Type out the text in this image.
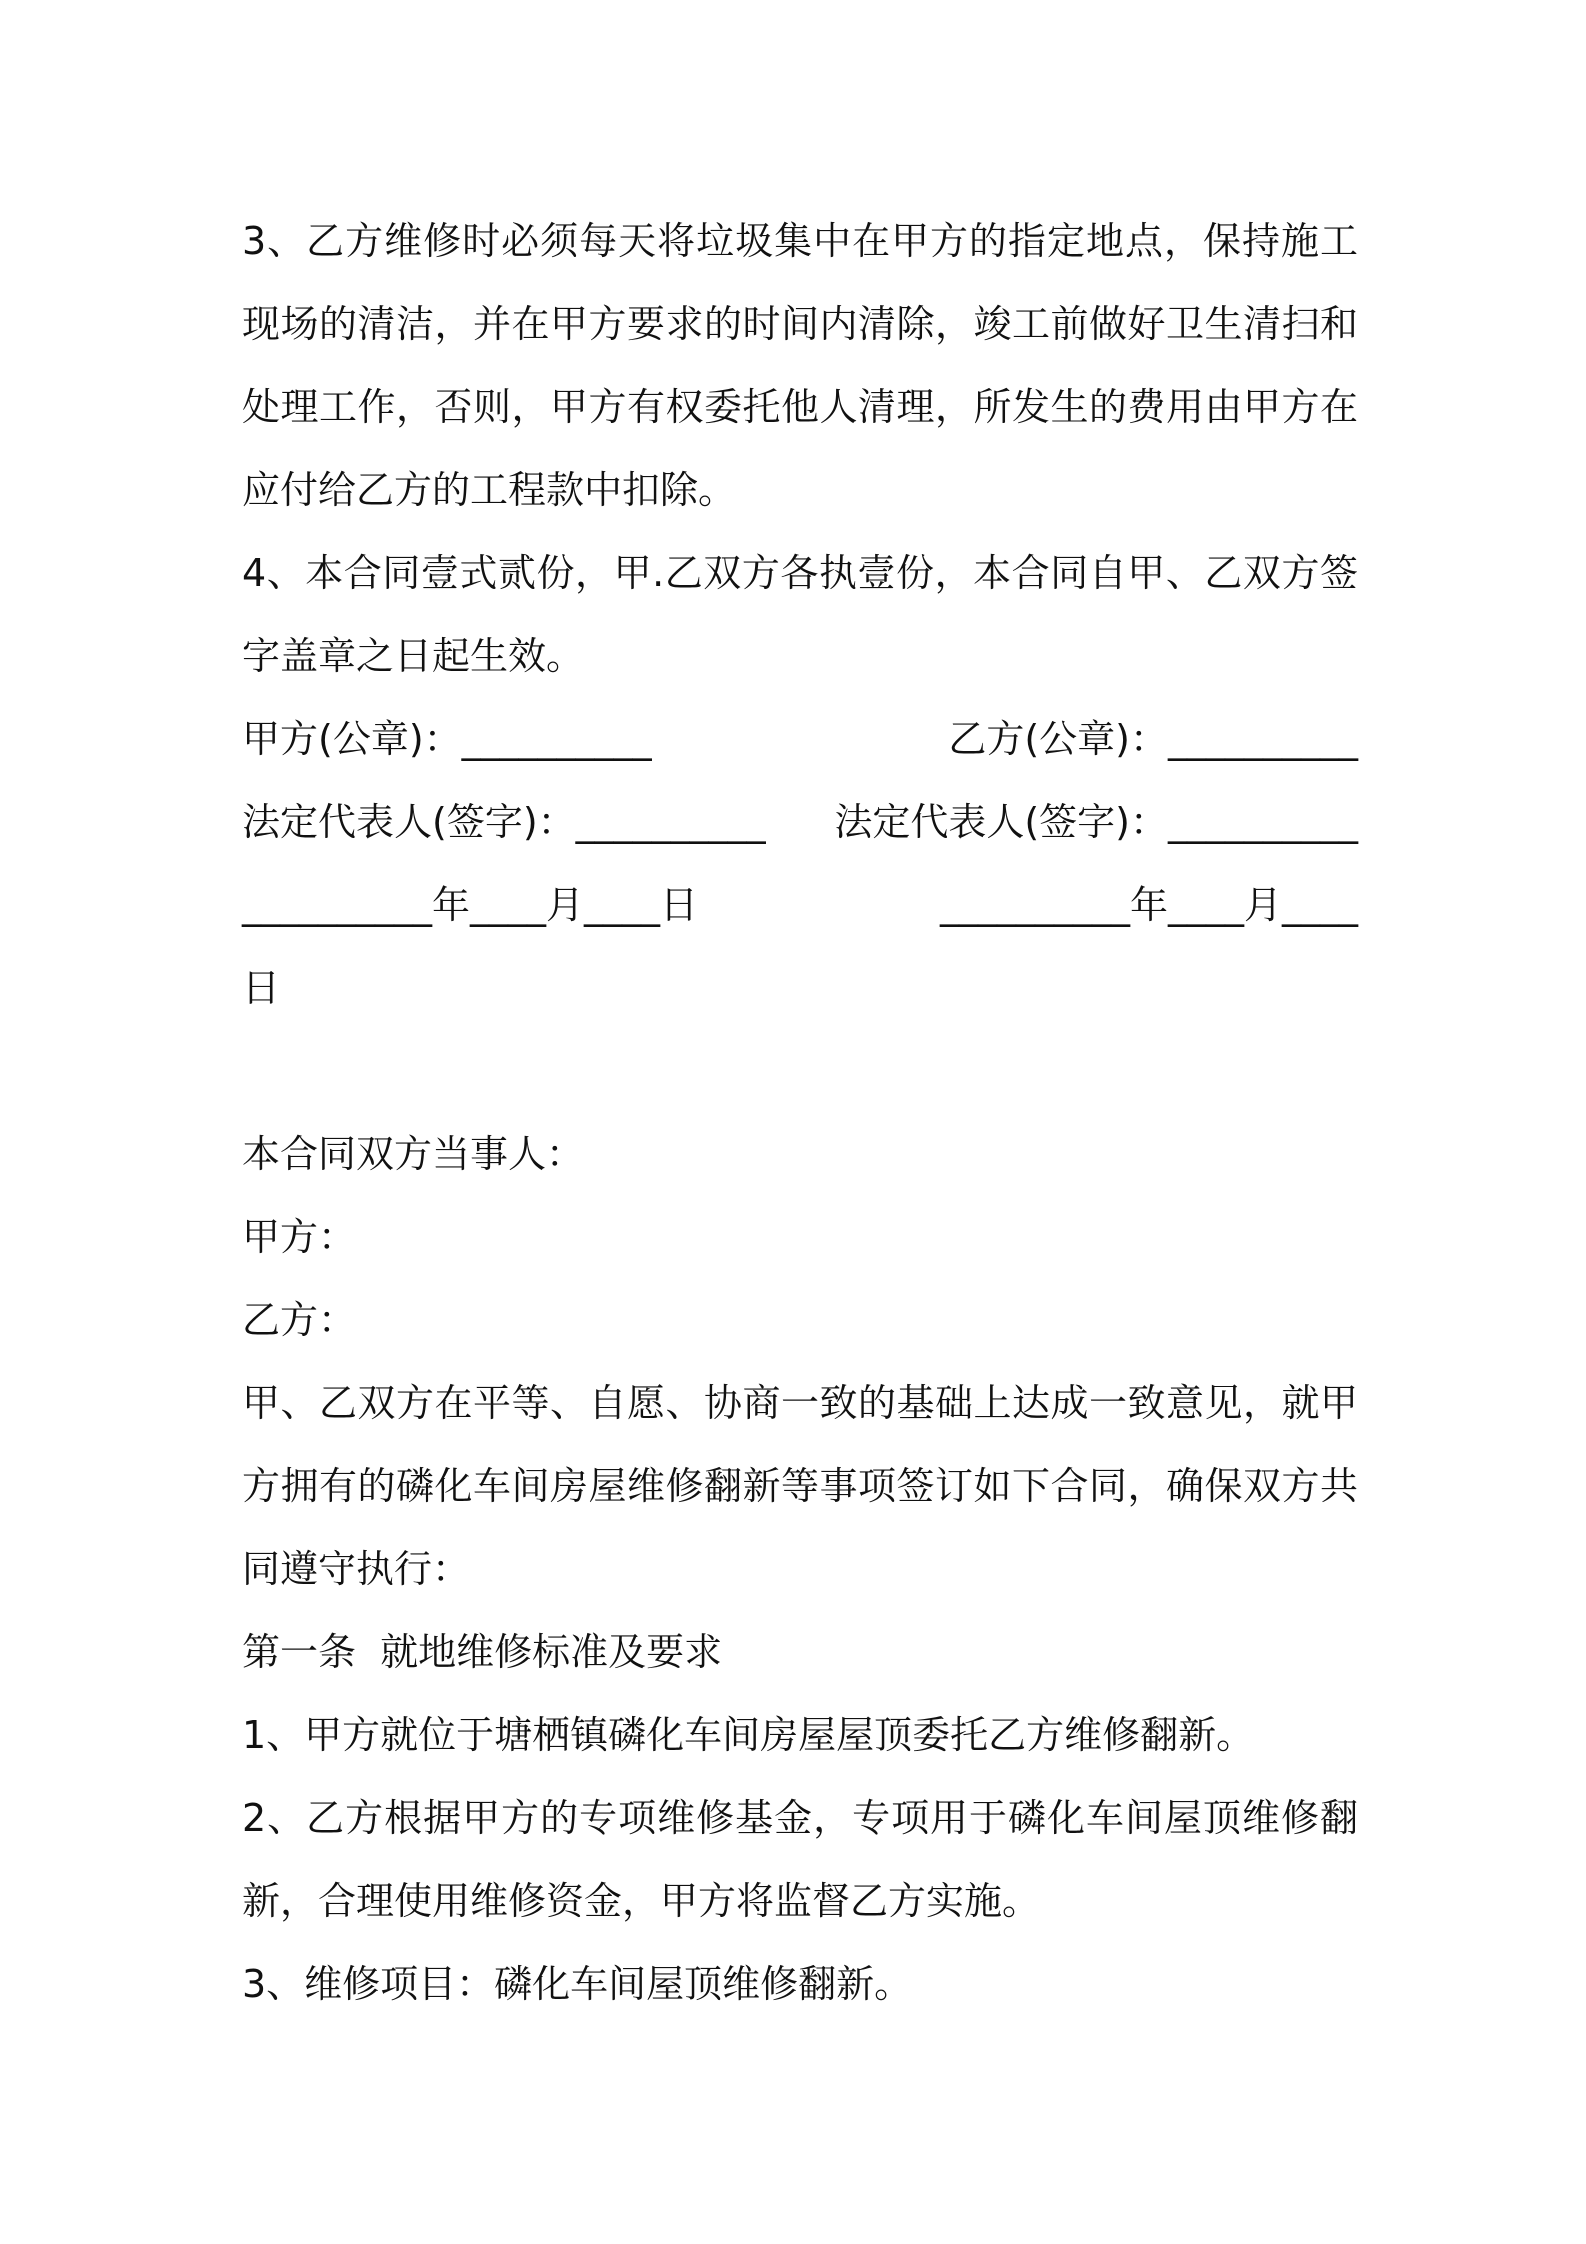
3、乙方维修时必须每天将垃圾集中在甲方的指定地点，保持施工现场的清洁，并在甲方要求的时间内清除，竣工前做好卫生清扫和处理工作，否则，甲方有权委托他人清理，所发生的费用由甲方在应付给乙方的工程款中扣除。

4、本合同壹式贰份，甲.乙双方各执壹份，本合同自甲、乙双方签字盖章之日起生效。

甲方(公章)：__________	乙方(公章)：__________
法定代表人(签字)：__________ 法定代表人(签字)：__________
__________年____月____日	__________年____月____

日

本合同双方当事人：

甲方：

乙方：

甲、乙双方在平等、自愿、协商一致的基础上达成一致意见，就甲方拥有的磷化车间房屋维修翻新等事项签订如下合同，确保双方共同遵守执行：

第一条  就地维修标准及要求

1、甲方就位于塘栖镇磷化车间房屋屋顶委托乙方维修翻新。

2、乙方根据甲方的专项维修基金，专项用于磷化车间屋顶维修翻新，合理使用维修资金，甲方将监督乙方实施。

3、维修项目：磷化车间屋顶维修翻新。
